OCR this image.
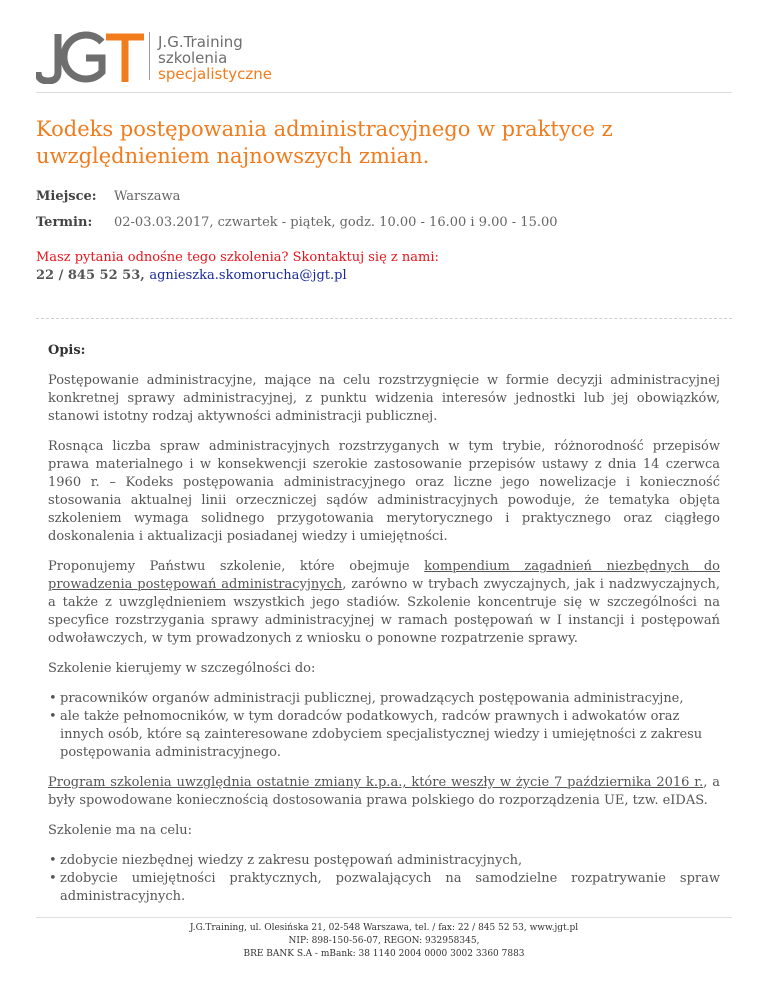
J.G.Training
szkolenia
specjalistyczne
Kodeks postępowania administracyjnego w praktyce z uwzględnieniem najnowszych zmian.
Miejsce:	Warszawa
Termin:	02-03.03.2017, czwartek - piątek, godz. 10.00 - 16.00 i 9.00 - 15.00
Masz pytania odnośne tego szkolenia? Skontaktuj się z nami:
22 / 845 52 53, agnieszka.skomorucha@jgt.pl

Opis:

Postępowanie administracyjne, mające na celu rozstrzygnięcie w formie decyzji administracyjnej konkretnej sprawy administracyjnej, z punktu widzenia interesów jednostki lub jej obowiązków, stanowi istotny rodzaj aktywności administracji publicznej.

Rosnąca liczba spraw administracyjnych rozstrzyganych w tym trybie, różnorodność przepisów prawa materialnego i w konsekwencji szerokie zastosowanie przepisów ustawy z dnia 14 czerwca 1960 r. – Kodeks postępowania administracyjnego oraz liczne jego nowelizacje i konieczność stosowania aktualnej linii orzeczniczej sądów administracyjnych powoduje, że tematyka objęta szkoleniem wymaga solidnego przygotowania merytorycznego i praktycznego oraz ciągłego doskonalenia i aktualizacji posiadanej wiedzy i umiejętności.

Proponujemy Państwu szkolenie, które obejmuje kompendium zagadnień niezbędnych do prowadzenia postępowań administracyjnych, zarówno w trybach zwyczajnych, jak i nadzwyczajnych, a także z uwzględnieniem wszystkich jego stadiów. Szkolenie koncentruje się w szczególności na specyfice rozstrzygania sprawy administracyjnej w ramach postępowań w I instancji i postępowań odwoławczych, w tym prowadzonych z wniosku o ponowne rozpatrzenie sprawy.

Szkolenie kierujemy w szczególności do:

• pracowników organów administracji publicznej, prowadzących postępowania administracyjne,
• ale także pełnomocników, w tym doradców podatkowych, radców prawnych i adwokatów oraz innych osób, które są zainteresowane zdobyciem specjalistycznej wiedzy i umiejętności z zakresu postępowania administracyjnego.

Program szkolenia uwzględnia ostatnie zmiany k.p.a., które weszły w życie 7 października 2016 r., a były spowodowane koniecznością dostosowania prawa polskiego do rozporządzenia UE, tzw. eIDAS.

Szkolenie ma na celu:

• zdobycie niezbędnej wiedzy z zakresu postępowań administracyjnych,
• zdobycie umiejętności praktycznych, pozwalających na samodzielne rozpatrywanie spraw administracyjnych.
J.G.Training, ul. Olesińska 21, 02-548 Warszawa, tel. / fax: 22 / 845 52 53, www.jgt.pl
NIP: 898-150-56-07, REGON: 932958345,
BRE BANK S.A - mBank: 38 1140 2004 0000 3002 3360 7883
